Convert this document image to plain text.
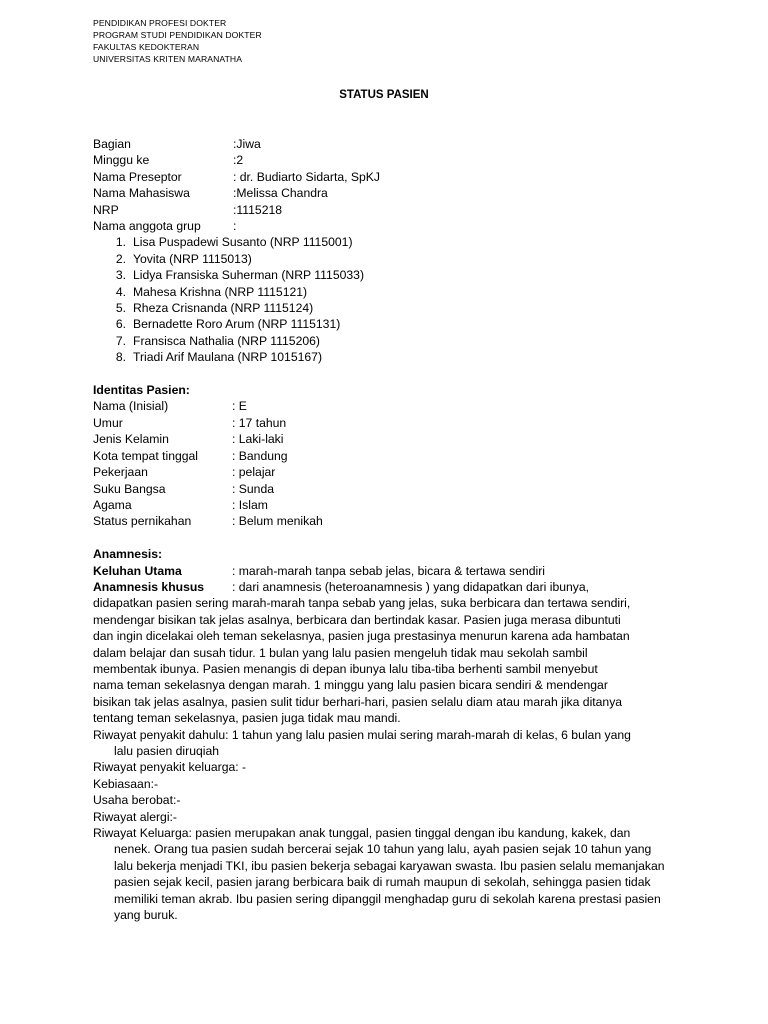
PENDIDIKAN PROFESI DOKTER
PROGRAM STUDI PENDIDIKAN DOKTER
FAKULTAS KEDOKTERAN
UNIVERSITAS KRITEN MARANATHA
STATUS PASIEN
Bagian	:Jiwa
Minggu ke	:2
Nama Preseptor	: dr. Budiarto Sidarta, SpKJ
Nama Mahasiswa	:Melissa Chandra
NRP	:1115218
Nama anggota grup	:
1. Lisa Puspadewi Susanto (NRP 1115001)
2. Yovita (NRP 1115013)
3. Lidya Fransiska Suherman (NRP 1115033)
4. Mahesa Krishna (NRP 1115121)
5. Rheza Crisnanda (NRP 1115124)
6. Bernadette Roro Arum (NRP 1115131)
7. Fransisca Nathalia (NRP 1115206)
8. Triadi Arif Maulana (NRP 1015167)
Identitas Pasien:
Nama (Inisial)	: E
Umur	: 17 tahun
Jenis Kelamin	: Laki-laki
Kota tempat tinggal	: Bandung
Pekerjaan	: pelajar
Suku Bangsa	: Sunda
Agama	: Islam
Status pernikahan	: Belum menikah
Anamnesis:
Keluhan Utama	: marah-marah tanpa sebab jelas, bicara & tertawa sendiri
Anamnesis khusus	: dari anamnesis (heteroanamnesis ) yang didapatkan dari ibunya,
didapatkan pasien sering marah-marah tanpa sebab yang jelas, suka berbicara dan tertawa sendiri,
mendengar bisikan tak jelas asalnya, berbicara dan bertindak kasar. Pasien juga merasa dibuntuti
dan ingin dicelakai oleh teman sekelasnya, pasien juga prestasinya menurun karena ada hambatan
dalam belajar dan susah tidur. 1 bulan yang lalu pasien mengeluh tidak mau sekolah sambil
membentak ibunya. Pasien menangis di depan ibunya lalu tiba-tiba berhenti sambil menyebut
nama teman sekelasnya dengan marah. 1 minggu yang lalu pasien bicara sendiri & mendengar
bisikan tak jelas asalnya, pasien sulit tidur berhari-hari, pasien selalu diam atau marah jika ditanya
tentang teman sekelasnya, pasien juga tidak mau mandi.
Riwayat penyakit dahulu: 1 tahun yang lalu pasien mulai sering marah-marah di kelas, 6 bulan yang
lalu pasien diruqiah
Riwayat penyakit keluarga: -
Kebiasaan:-
Usaha berobat:-
Riwayat alergi:-
Riwayat Keluarga: pasien merupakan anak tunggal, pasien tinggal dengan ibu kandung, kakek, dan
nenek. Orang tua pasien sudah bercerai sejak 10 tahun yang lalu, ayah pasien sejak 10 tahun yang
lalu bekerja menjadi TKI, ibu pasien bekerja sebagai karyawan swasta. Ibu pasien selalu memanjakan
pasien sejak kecil, pasien jarang berbicara baik di rumah maupun di sekolah, sehingga pasien tidak
memiliki teman akrab. Ibu pasien sering dipanggil menghadap guru di sekolah karena prestasi pasien
yang buruk.
